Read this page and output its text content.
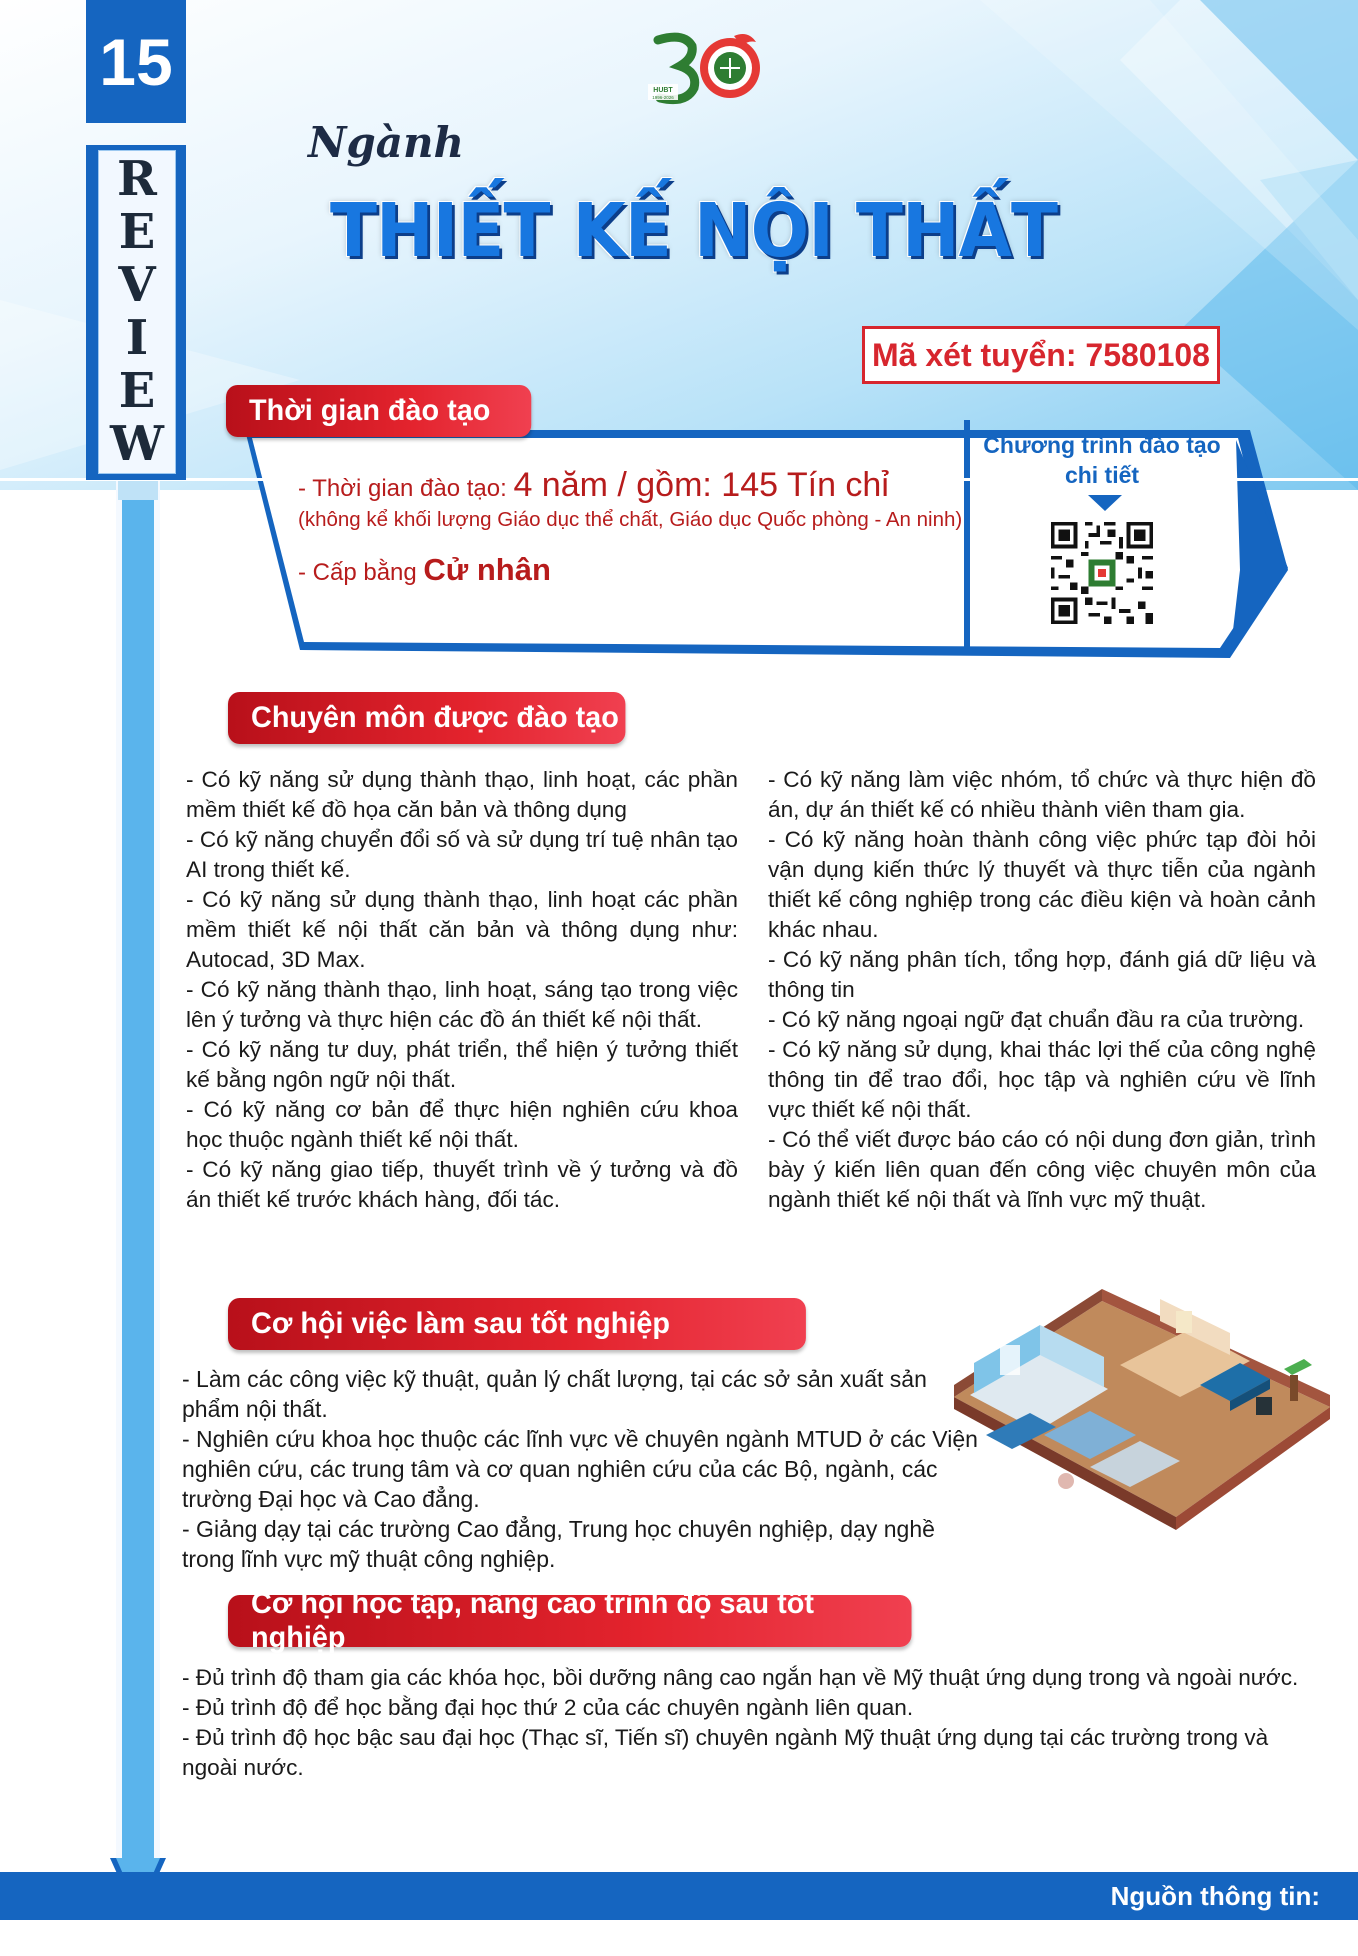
15
R
E
V
I
E
W
HUBT
1996-2026
Ngành
THIẾT KẾ NỘI THẤT
Mã xét tuyển: 7580108
Thời gian đào tạo
- Thời gian đào tạo: 4 năm / gồm: 145 Tín chỉ
(không kể khối lượng Giáo dục thể chất, Giáo dục Quốc phòng - An ninh)
- Cấp bằng Cử nhân
Chương trình đào tạo
chi tiết
Chuyên môn được đào tạo

- Có kỹ năng sử dụng thành thạo, linh hoạt, các phần mềm thiết kế đồ họa căn bản và thông dụng

- Có kỹ năng chuyển đổi số và sử dụng trí tuệ nhân tạo AI trong thiết kế.

- Có kỹ năng sử dụng thành thạo, linh hoạt các phần mềm thiết kế nội thất căn bản và thông dụng như: Autocad, 3D Max.

- Có kỹ năng thành thạo, linh hoạt, sáng tạo trong việc lên ý tưởng và thực hiện các đồ án thiết kế nội thất.

- Có kỹ năng tư duy, phát triển, thể hiện ý tưởng thiết kế bằng ngôn ngữ nội thất.

- Có kỹ năng cơ bản để thực hiện nghiên cứu khoa học thuộc ngành thiết kế nội thất.

- Có kỹ năng giao tiếp, thuyết trình về ý tưởng và đồ án thiết kế trước khách hàng, đối tác.

- Có kỹ năng làm việc nhóm, tổ chức và thực hiện đồ án, dự án thiết kế có nhiều thành viên tham gia.

- Có kỹ năng hoàn thành công việc phức tạp đòi hỏi vận dụng kiến thức lý thuyết và thực tiễn của ngành thiết kế công nghiệp trong các điều kiện và hoàn cảnh khác nhau.

- Có kỹ năng phân tích, tổng hợp, đánh giá dữ liệu và thông tin

- Có kỹ năng ngoại ngữ đạt chuẩn đầu ra của trường.

- Có kỹ năng sử dụng, khai thác lợi thế của công nghệ thông tin để trao đổi, học tập và nghiên cứu về lĩnh vực thiết kế nội thất.

- Có thể viết được báo cáo có nội dung đơn giản, trình bày ý kiến liên quan đến công việc chuyên môn của ngành thiết kế nội thất và lĩnh vực mỹ thuật.

Cơ hội việc làm sau tốt nghiệp

- Làm các công việc kỹ thuật, quản lý chất lượng, tại các sở sản xuất sản phẩm nội thất.

- Nghiên cứu khoa học thuộc các lĩnh vực về chuyên ngành MTUD ở các Viện nghiên cứu, các trung tâm và cơ quan nghiên cứu của các Bộ, ngành, các trường Đại học và Cao đẳng.

- Giảng dạy tại các trường Cao đẳng, Trung học chuyên nghiệp, dạy nghề trong lĩnh vực mỹ thuật công nghiệp.

Cơ hội học tập, nâng cao trình độ sau tốt nghiệp

- Đủ trình độ tham gia các khóa học, bồi dưỡng nâng cao ngắn hạn về Mỹ thuật ứng dụng trong và ngoài nước.

- Đủ trình độ để học bằng đại học thứ 2 của các chuyên ngành liên quan.

- Đủ trình độ học bậc sau đại học (Thạc sĩ, Tiến sĩ) chuyên ngành Mỹ thuật ứng dụng tại các trường trong và ngoài nước.

Nguồn thông tin: tuyensinh.hubt.edu.vn
